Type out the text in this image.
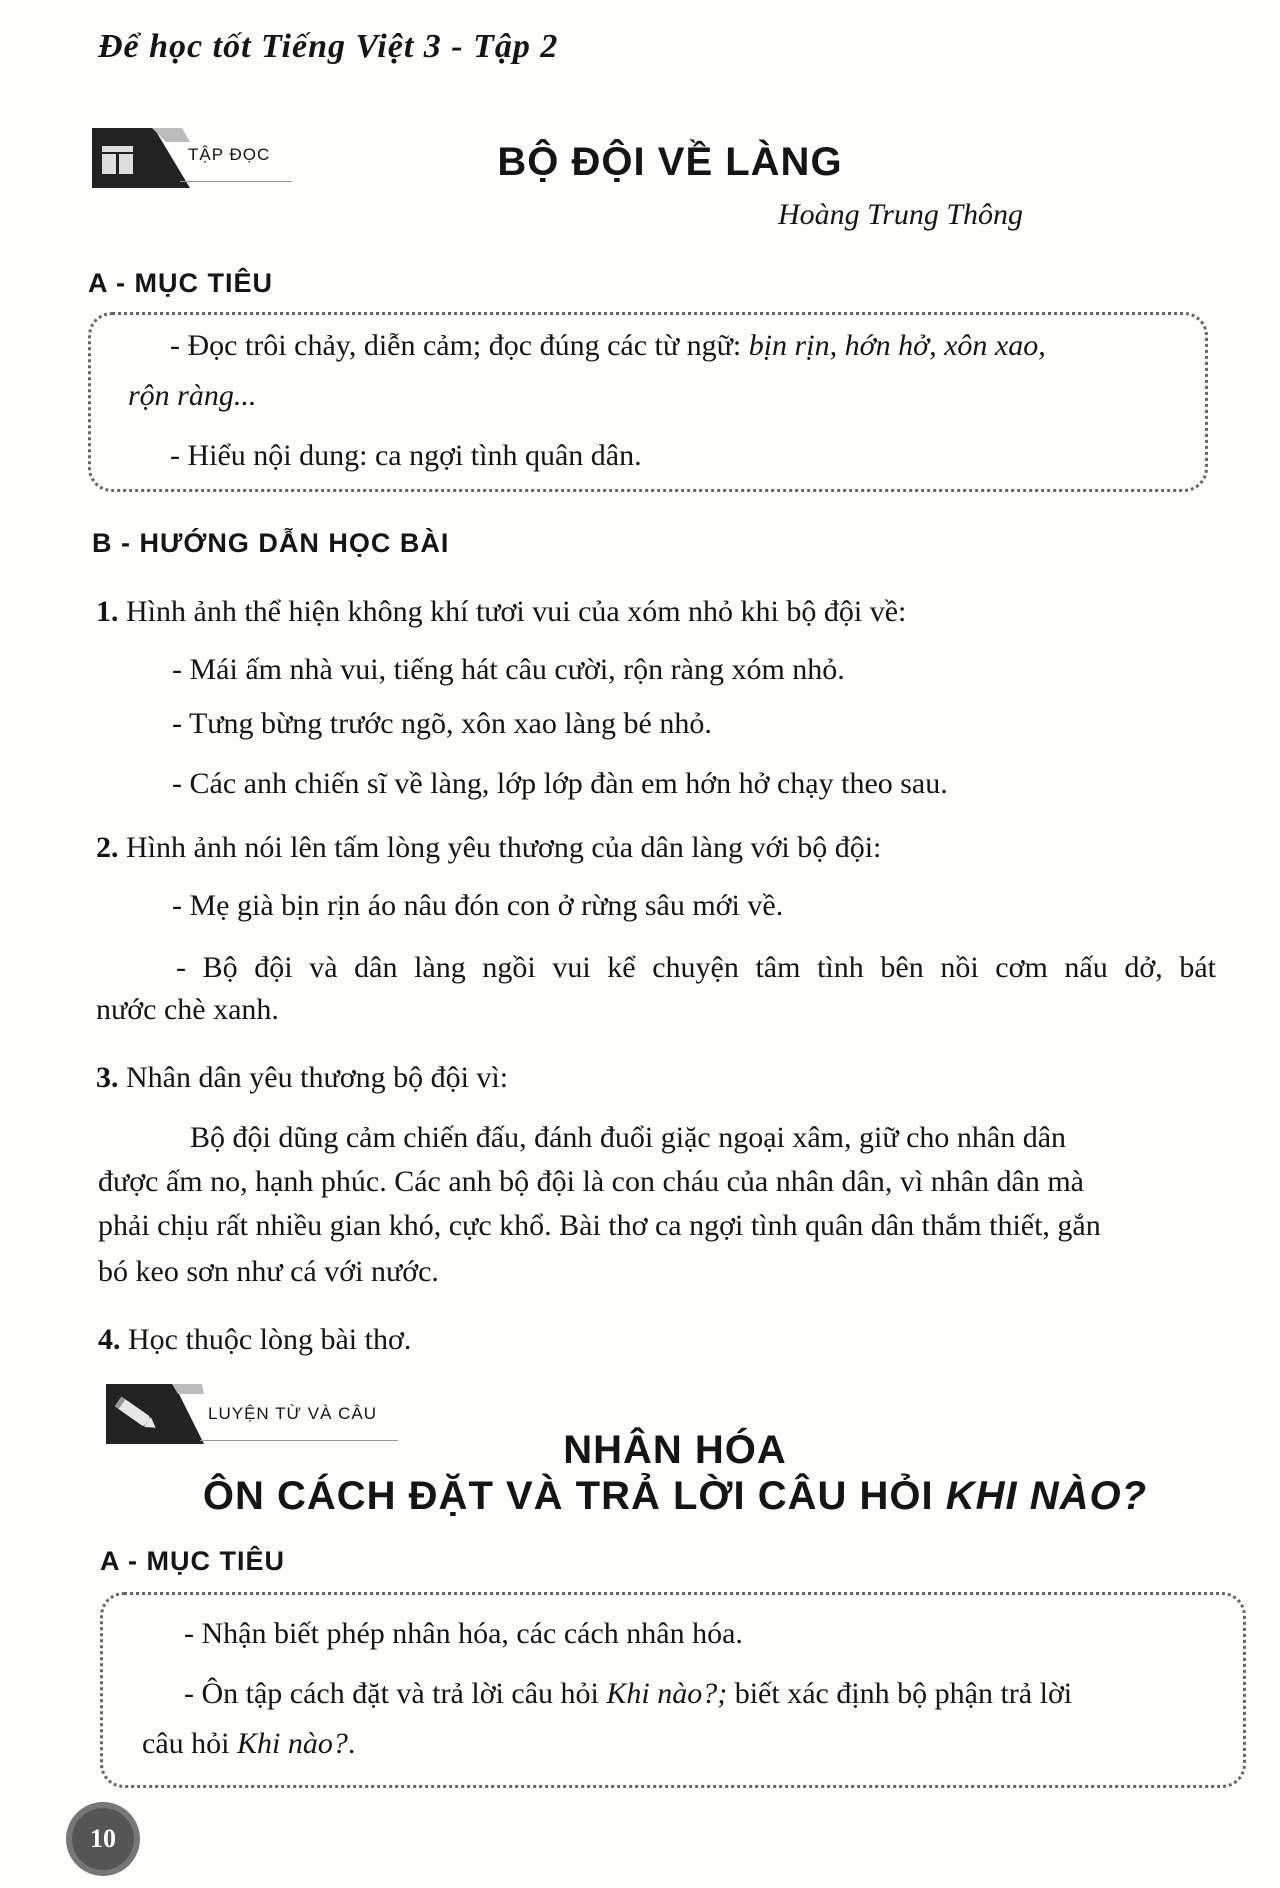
Để học tốt Tiếng Việt 3 - Tập 2
TẬP ĐỌC	BỘ ĐỘI VỀ LÀNG
Hoàng Trung Thông
A - MỤC TIÊU
- Đọc trôi chảy, diễn cảm; đọc đúng các từ ngữ: bịn rịn, hớn hở, xôn xao,
rộn ràng...
- Hiểu nội dung: ca ngợi tình quân dân.
B - HƯỚNG DẪN HỌC BÀI
1. Hình ảnh thể hiện không khí tươi vui của xóm nhỏ khi bộ đội về:
- Mái ấm nhà vui, tiếng hát câu cười, rộn ràng xóm nhỏ.
- Tưng bừng trước ngõ, xôn xao làng bé nhỏ.
- Các anh chiến sĩ về làng, lớp lớp đàn em hớn hở chạy theo sau.
2. Hình ảnh nói lên tấm lòng yêu thương của dân làng với bộ đội:
- Mẹ già bịn rịn áo nâu đón con ở rừng sâu mới về.
- Bộ đội và dân làng ngồi vui kể chuyện tâm tình bên nồi cơm nấu dở, bát
nước chè xanh.
3. Nhân dân yêu thương bộ đội vì:
Bộ đội dũng cảm chiến đấu, đánh đuổi giặc ngoại xâm, giữ cho nhân dân
được ấm no, hạnh phúc. Các anh bộ đội là con cháu của nhân dân, vì nhân dân mà
phải chịu rất nhiều gian khó, cực khổ. Bài thơ ca ngợi tình quân dân thắm thiết, gắn
bó keo sơn như cá với nước.
4. Học thuộc lòng bài thơ.
LUYỆN TỪ VÀ CÂU
NHÂN HÓA
ÔN CÁCH ĐẶT VÀ TRẢ LỜI CÂU HỎI KHI NÀO?
A - MỤC TIÊU
- Nhận biết phép nhân hóa, các cách nhân hóa.
- Ôn tập cách đặt và trả lời câu hỏi Khi nào?; biết xác định bộ phận trả lời
câu hỏi Khi nào?.
10
